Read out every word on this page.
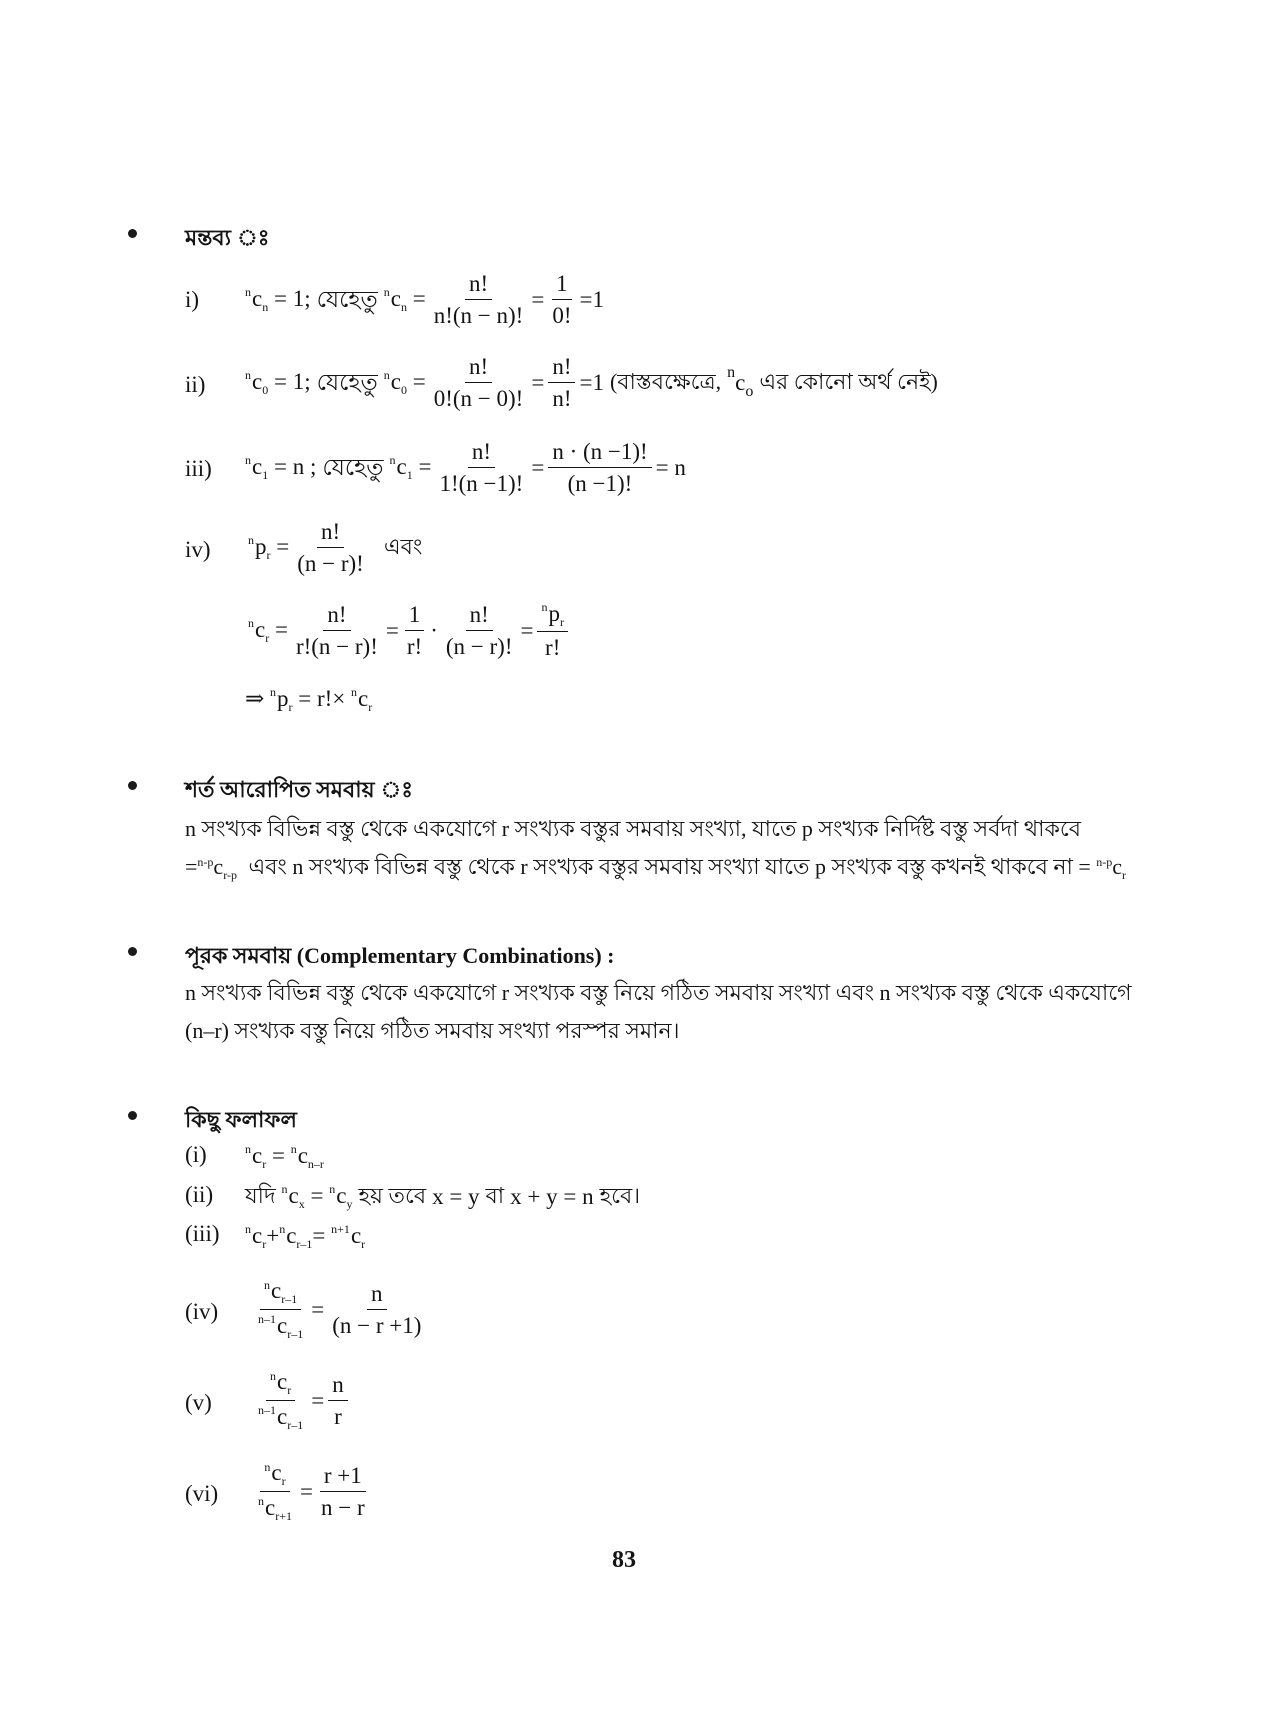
মন্তব্য ঃ
i)	$^nc_n = 1$; যেহেতু $^nc_n = \frac{n!}{n!(n - n)!} = \frac{1}{0!} =1$
ii)	$^nc_0 = 1$; যেহেতু $^nc_0 = \frac{n!}{0!(n - 0)!} = \frac{n!}{n!} =1$ (বাস্তবক্ষেত্রে, $^nc_o$ এর কোনো অর্থ নেই)
iii)	$^nc_1 = n$ ; যেহেতু $^nc_1 = \frac{n!}{1!(n -1)!} = \frac{n \cdot (n -1)!}{(n -1)!} = n$
iv)	$^np_r = \frac{n!}{(n - r)!}$ এবং
$^nc_r = \frac{n!}{r!(n - r)!} = \frac{1}{r!} \cdot \frac{n!}{(n - r)!} = \frac{^np_r}{r!}$
⇒ $^np_r = r!\times ^nc_r$
শর্ত আরোপিত সমবায় ঃ
n সংখ্যক বিভিন্ন বস্তু থেকে একযোগে r সংখ্যক বস্তুর সমবায় সংখ্যা, যাতে p সংখ্যক নির্দিষ্ট বস্তু সর্বদা থাকবে
$=^{n-p}c_{r-p}$ এবং n সংখ্যক বিভিন্ন বস্তু থেকে r সংখ্যক বস্তুর সমবায় সংখ্যা যাতে p সংখ্যক বস্তু কখনই থাকবে না = $^{n-p}c_r$
পূরক সমবায় (Complementary Combinations) :
n সংখ্যক বিভিন্ন বস্তু থেকে একযোগে r সংখ্যক বস্তু নিয়ে গঠিত সমবায় সংখ্যা এবং n সংখ্যক বস্তু থেকে একযোগে
(n–r) সংখ্যক বস্তু নিয়ে গঠিত সমবায় সংখ্যা পরস্পর সমান।
কিছু ফলাফল
(i)	$^nc_r = ^nc_{n-r}$
(ii) যদি $^nc_x = ^nc_y$ হয় তবে x = y বা x + y = n হবে।
(iii) $^nc_r+^nc_{r-1}= ^{n+1}c_r$
(iv)	$\frac{^nc_{r-1}}{^{n-1}c_{r-1}} = \frac{n}{(n - r +1)}$
(v)	$\frac{^nc_r}{^{n-1}c_{r-1}} = \frac{n}{r}$
(vi)	$\frac{^nc_r}{^nc_{r+1}} = \frac{r +1}{n - r}$
83
